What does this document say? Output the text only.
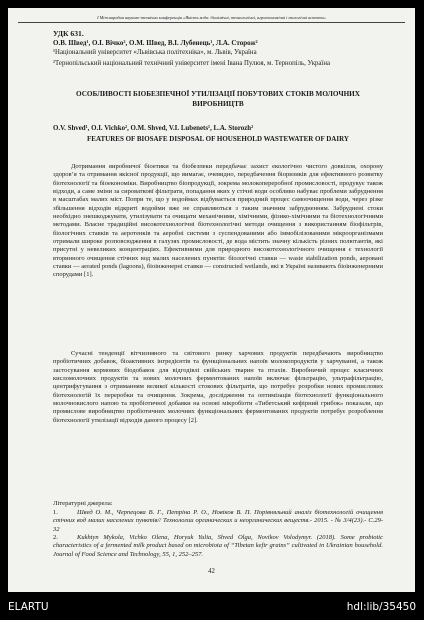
І Міжнародна науково-технічна конференція «Якість води: біохімічні, технологічні, агроекономічні і екологічні аспекти»
УДК 631.
О.В. Швед¹, О.І. Вічко², О.М. Швед, В.І. Лубенець¹, Л.А. Сторож²
¹Національний університет «Львівська політехніка», м. Львів, Україна
²Тернопільський національний технічний університет імені Івана Пулюя, м. Тернопіль, Україна
ОСОБЛИВОСТІ БІОБЕЗПЕЧНОЇ УТИЛІЗАЦІЇ ПОБУТОВИХ СТОКІВ МОЛОЧНИХ ВИРОБНИЦТВ
O.V. Shved¹, O.I. Vichko², O.M. Shved, V.I. Lubenets¹, L.A. Storozh²
FEATURES OF BIOSAFE DISPOSAL OF HOUSEHOLD WASTEWATER OF DAIRY
Дотримання виробничої біоетики та біобезпеки передбачає захист екологічно чистого довкілля, охорону здоров’я та отримання якісної продукції, що вимагає, очевидно, передбачення біоризиків для ефективного розвитку біотехнології та біоекономіки. Виробництво біопродукції, зокрема молокопереробної промисловості, продукує також відходи, а саме зміни за сироватковї фільтрати, попадання яких у стічні води особливо набуває проблеми забруднення в масштабах малих міст. Попри те, що у водоймах відбувається природний процес самоочищення води, через різке збільшення відходів відкриті водойми вже не справляються з таким значним забрудненням. Забруднені стоки необхідно знешкоджувати, утилізувати та очищати механічними, хімічними, фізико-хімічними та біотехнологічними методами. Власне традиційні високотехнологічні біотехнологічні методи очищення з використанням біофільтрів, біологічних ставків та аеротенків та аеробні системи з суспендованими або іммобілізованими мікроорганізмами отримали широке розповсюдження в галузях промисловості, де вода містить значну кількість різних полютантів, які присутні у невеликих концентраціях. Ефективними для природного високотехнологічного очищення є технології вторинного очищення стічних вод малих населених пунктів: біологічні ставки — waste stabilization ponds, аеровані ставки — aerated ponds (lagoons), біоінженерні ставки — constructed wetlands, які в Україні називають біоінженерними спорудами [1].
Сучасні тенденції вітчизняного та світового ринку харчових продуктів передбачають виробництво пробіотичних добавок, біоактивних інгредієнтів та функціональних напоїв молокопродуктів у харчуванні, а також застосування кормових біодобавок для відгодівлі свійських тварин та птахів. Виробничий процес класичних кисломолочних продуктів та нових молочних ферментованих напоїв включає фільтрацію, ультрафільтрацію, центрифугування з отриманням великої кількості стокових фільтратів, що потребує розробки нових промислових біотехнологій їх переробки та очищення. Зокрема, дослідження та оптимізація біотехнології функціонального молочнокислого напою та пробіотичної добавки на основі мікробіоти «Тибетський кефірний грибок» показали, що промислове виробництво пробіотичних молочних функціональних ферментованих продуктів потребує розроблення біотехнології утилізації відходів даного процесу [2].
Літературні джерела:
1.	Швед О. М., Черпецова В. Г., Петріна Р. О., Новіков В. П. Порівняльний аналіз біотехнологій очищення стічних вод малих населених пунктів// Технологии органических и неорганических веществ.- 2015. - № 3/4(23).- С.29-32
2.	Kukhtyn Mykola, Vichko Olena, Horyuk Yulia, Shved Olga, Novikov Volodymyr. (2018). Some probiotic characteristics of a fermented milk product based on microbiota of “Tibetan kefir grains” cultivated in Ukrainian household. Journal of Food Science and Technology, 55, 1, 252–257.
42
ELARTU	hdl:lib/35450
